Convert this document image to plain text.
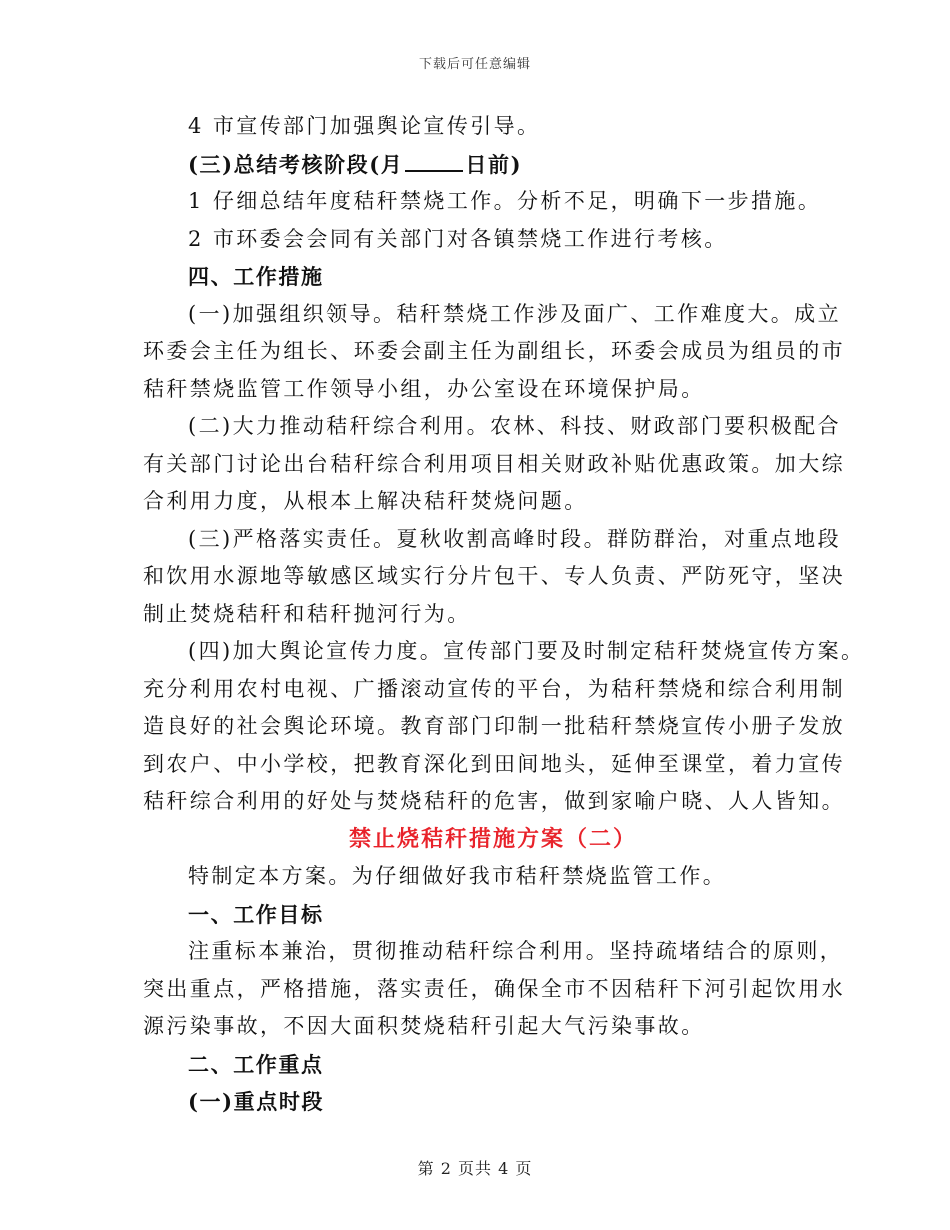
下载后可任意编辑
4 市宣传部门加强舆论宣传引导。
(三)总结考核阶段(月	日前)
1 仔细总结年度秸秆禁烧工作。分析不足，明确下一步措施。
2 市环委会会同有关部门对各镇禁烧工作进行考核。
四、工作措施
(一)加强组织领导。秸秆禁烧工作涉及面广、工作难度大。成立
环委会主任为组长、环委会副主任为副组长，环委会成员为组员的市
秸秆禁烧监管工作领导小组，办公室设在环境保护局。
(二)大力推动秸秆综合利用。农林、科技、财政部门要积极配合
有关部门讨论出台秸秆综合利用项目相关财政补贴优惠政策。加大综
合利用力度，从根本上解决秸秆焚烧问题。
(三)严格落实责任。夏秋收割高峰时段。群防群治，对重点地段
和饮用水源地等敏感区域实行分片包干、专人负责、严防死守，坚决
制止焚烧秸秆和秸秆抛河行为。
(四)加大舆论宣传力度。宣传部门要及时制定秸秆焚烧宣传方案。
充分利用农村电视、广播滚动宣传的平台，为秸秆禁烧和综合利用制
造良好的社会舆论环境。教育部门印制一批秸秆禁烧宣传小册子发放
到农户、中小学校，把教育深化到田间地头，延伸至课堂，着力宣传
秸秆综合利用的好处与焚烧秸秆的危害，做到家喻户晓、人人皆知。
禁止烧秸秆措施方案（二）
特制定本方案。为仔细做好我市秸秆禁烧监管工作。
一、工作目标
注重标本兼治，贯彻推动秸秆综合利用。坚持疏堵结合的原则，
突出重点，严格措施，落实责任，确保全市不因秸秆下河引起饮用水
源污染事故，不因大面积焚烧秸秆引起大气污染事故。
二、工作重点
(一)重点时段
第 2 页共 4 页
